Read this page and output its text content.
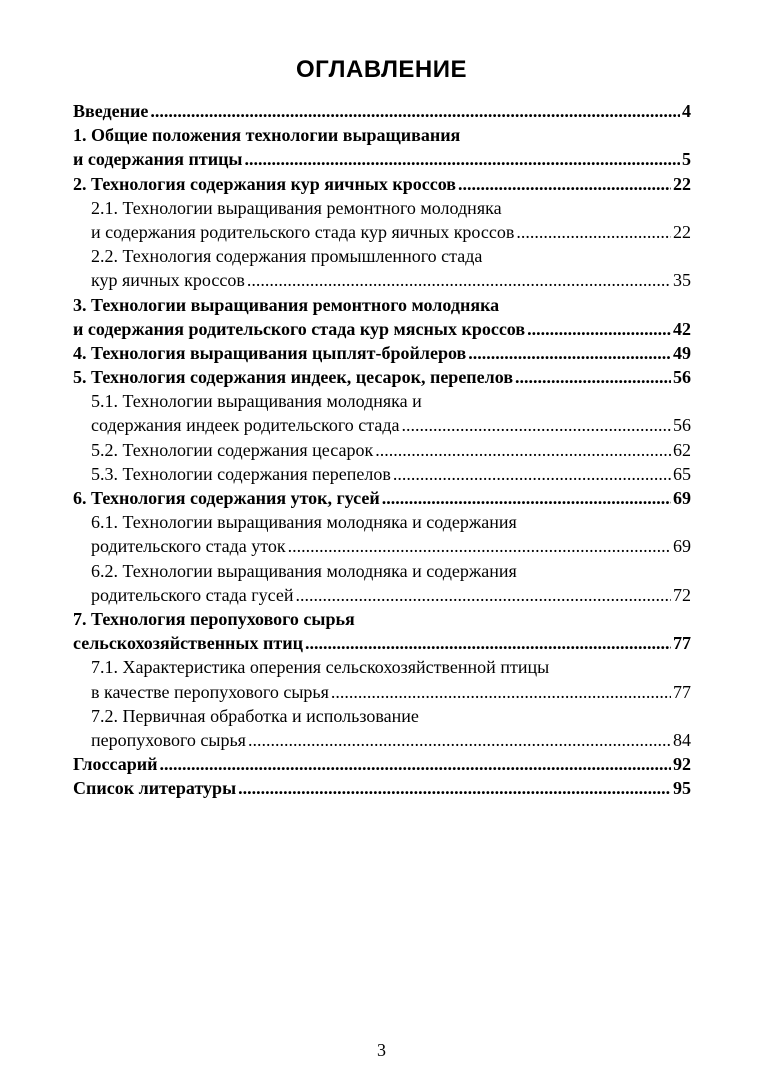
ОГЛАВЛЕНИЕ
Введение .....	4
1. Общие положения технологии выращивания
и содержания птицы .....	5
2. Технология содержания кур яичных кроссов .....	22
2.1. Технологии выращивания ремонтного молодняка
и содержания родительского стада кур яичных кроссов .....	22
2.2. Технология содержания промышленного стада
кур яичных кроссов .....	35
3. Технологии выращивания ремонтного молодняка
и содержания родительского стада кур мясных кроссов .....	42
4. Технология выращивания цыплят-бройлеров .....	49
5. Технология содержания индеек, цесарок, перепелов .....	56
5.1. Технологии выращивания молодняка и
содержания индеек родительского стада .....	56
5.2. Технологии содержания цесарок .....	62
5.3. Технологии содержания перепелов .....	65
6. Технология содержания уток, гусей .....	69
6.1. Технологии выращивания молодняка и содержания
родительского стада уток .....	69
6.2. Технологии выращивания молодняка и содержания
родительского стада гусей .....	72
7. Технология перопухового сырья
сельскохозяйственных птиц .....	77
7.1. Характеристика оперения сельскохозяйственной птицы
в качестве перопухового сырья .....	77
7.2. Первичная обработка и использование
перопухового сырья .....	84
Глоссарий .....	92
Список литературы .....	95
3
